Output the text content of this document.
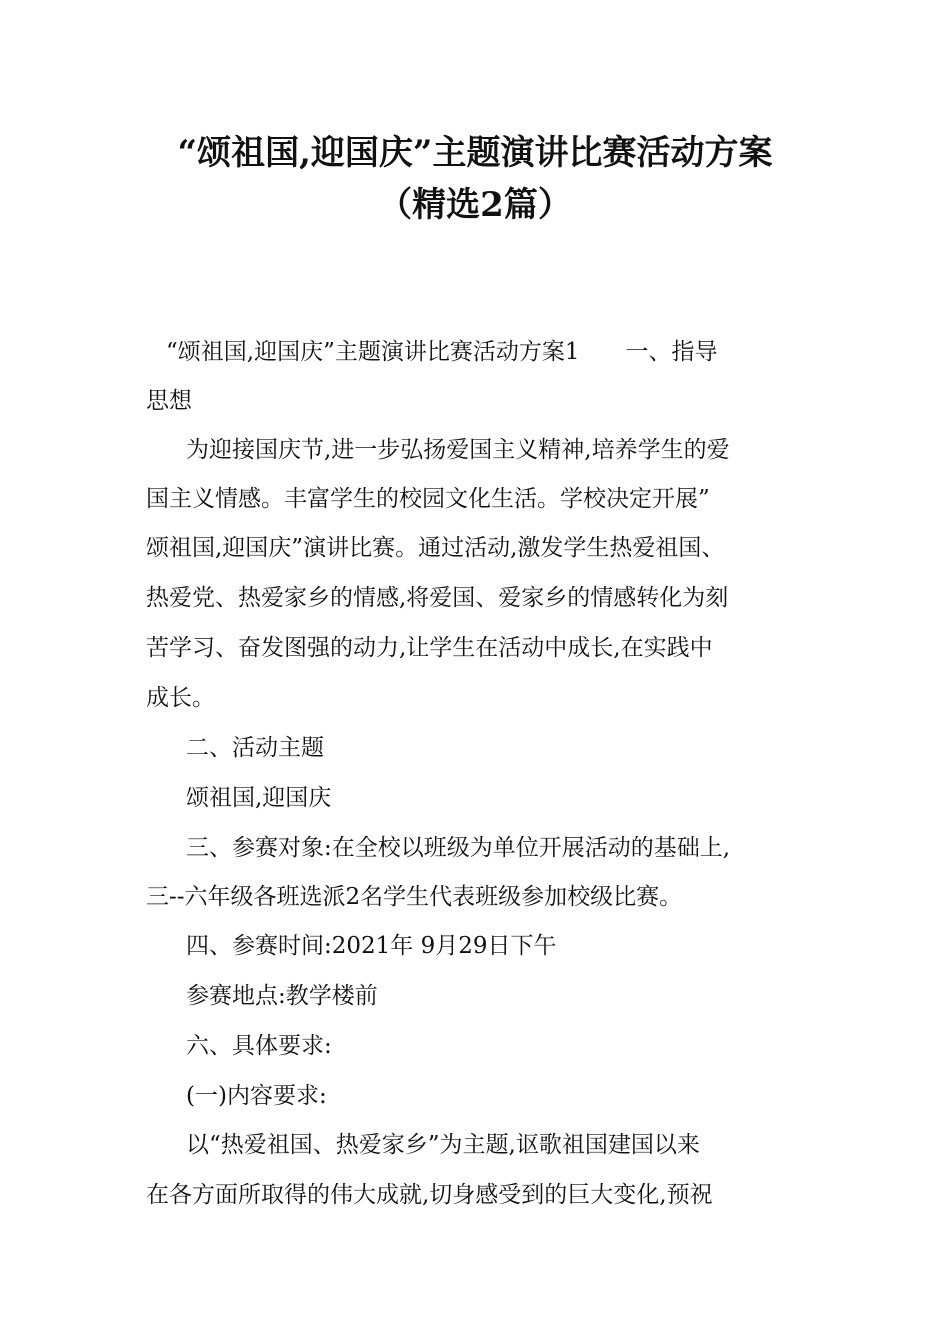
“颂祖国,迎国庆”主题演讲比赛活动方案
（精选2篇）
“颂祖国,迎国庆”主题演讲比赛活动方案1　　一、指导
思想
为迎接国庆节,进一步弘扬爱国主义精神,培养学生的爱
国主义情感。丰富学生的校园文化生活。学校决定开展”
颂祖国,迎国庆”演讲比赛。通过活动,激发学生热爱祖国、
热爱党、热爱家乡的情感,将爱国、爱家乡的情感转化为刻
苦学习、奋发图强的动力,让学生在活动中成长,在实践中
成长。
二、活动主题
颂祖国,迎国庆
三、参赛对象:在全校以班级为单位开展活动的基础上,
三--六年级各班选派2名学生代表班级参加校级比赛。
四、参赛时间:2021年 9月29日下午
参赛地点:教学楼前
六、具体要求:
(一)内容要求:
以“热爱祖国、热爱家乡”为主题,讴歌祖国建国以来
在各方面所取得的伟大成就,切身感受到的巨大变化,预祝
